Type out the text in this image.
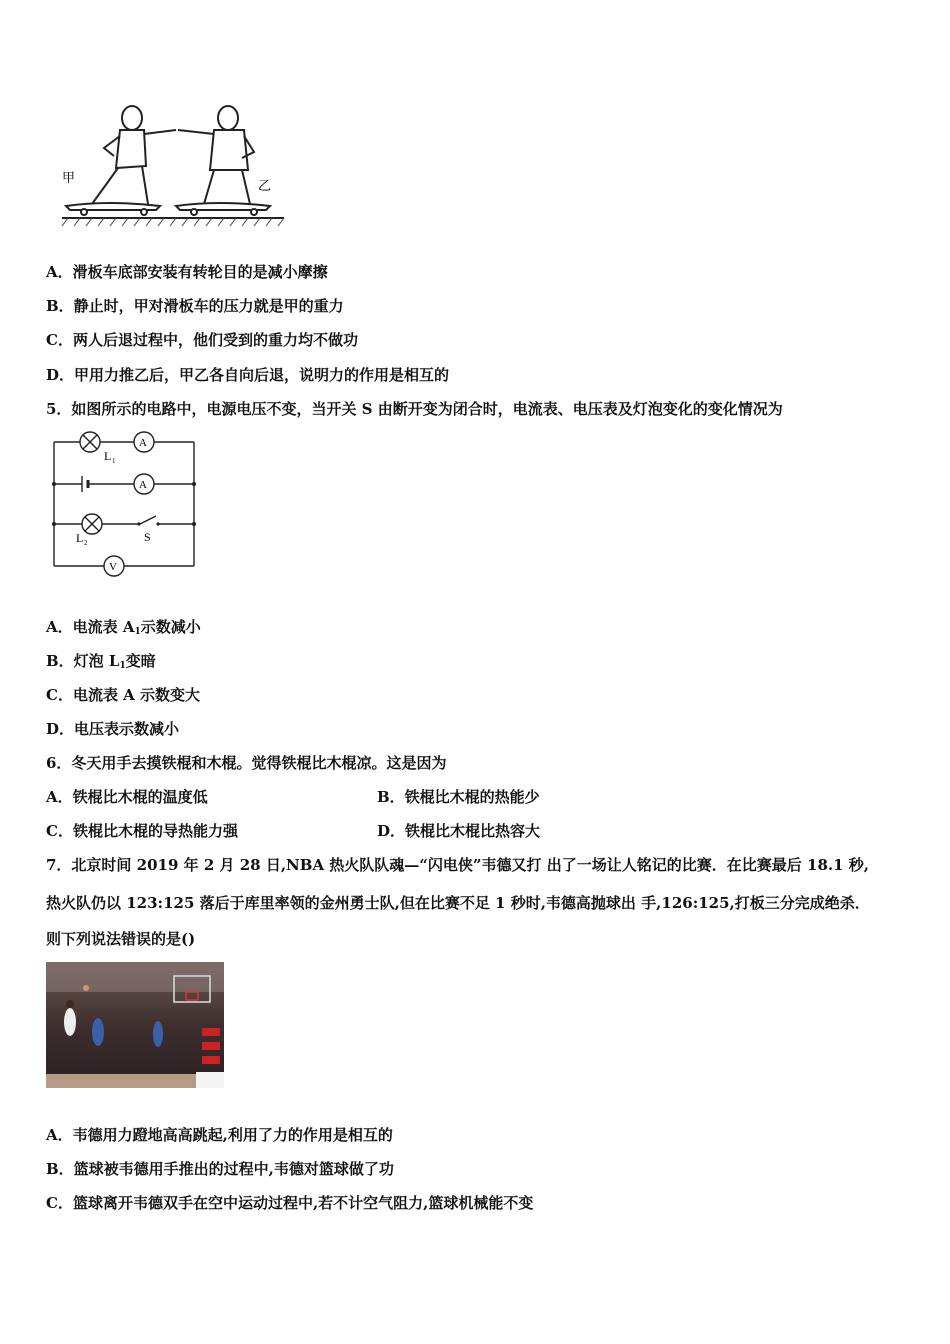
甲
乙
A．滑板车底部安装有转轮目的是减小摩擦
B．静止时，甲对滑板车的压力就是甲的重力
C．两人后退过程中，他们受到的重力均不做功
D．甲用力推乙后，甲乙各自向后退，说明力的作用是相互的
5．如图所示的电路中，电源电压不变，当开关 S 由断开变为闭合时，电流表、电压表及灯泡变化的变化情况为
A
A
V
L 1
L 2	S
A．电流表 $A_1$示数减小
B．灯泡 $L_1$变暗
C．电流表 A 示数变大
D．电压表示数减小
6．冬天用手去摸铁棍和木棍。觉得铁棍比木棍凉。这是因为
A．铁棍比木棍的温度低	B．铁棍比木棍的热能少
C．铁棍比木棍的导热能力强	D．铁棍比木棍比热容大
7．北京时间 2019 年 2 月 28 日,NBA 热火队队魂—“闪电侠”韦德又打 出了一场让人铭记的比赛．在比赛最后 18.1 秒,
热火队仍以 123:125 落后于库里率领的金州勇士队,但在比赛不足 1 秒时,韦德高抛球出 手,126:125,打板三分完成绝杀．
则下列说法错误的是()
A．韦德用力蹬地高高跳起,利用了力的作用是相互的
B．篮球被韦德用手推出的过程中,韦德对篮球做了功
C．篮球离开韦德双手在空中运动过程中,若不计空气阻力,篮球机械能不变
